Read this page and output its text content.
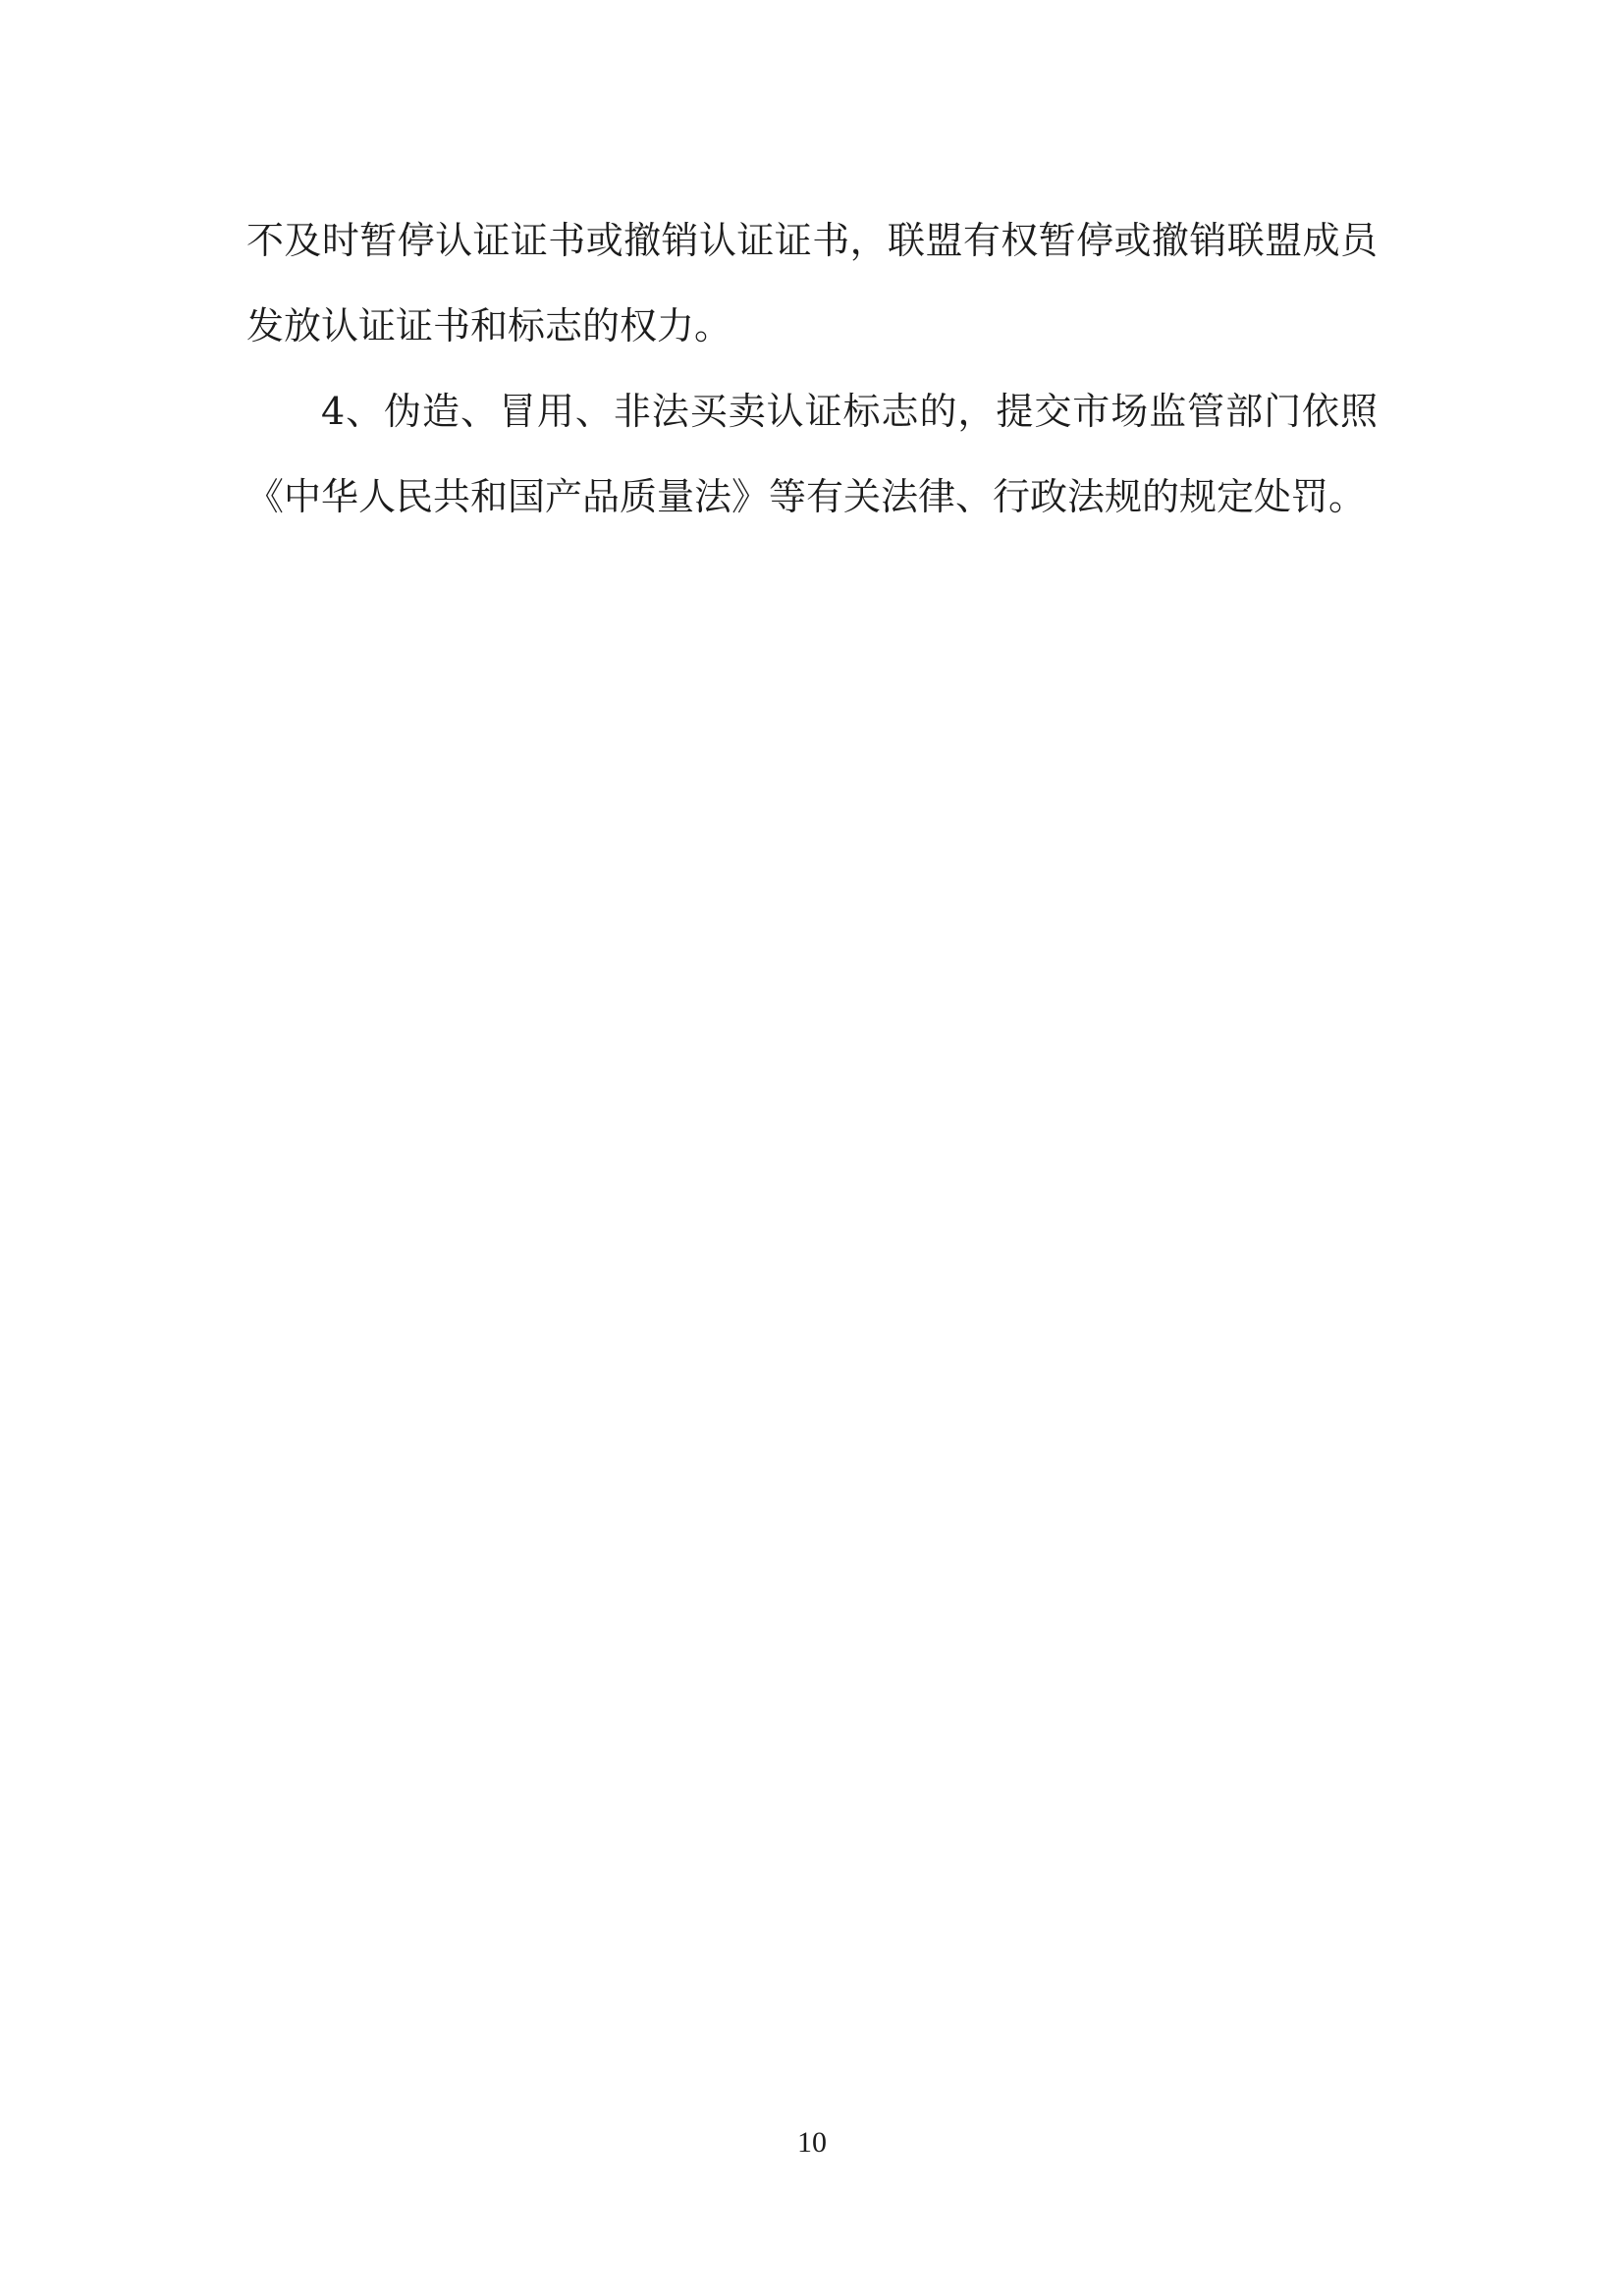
不及时暂停认证证书或撤销认证证书，联盟有权暂停或撤销联盟成员
发放认证证书和标志的权力。
4、伪造、冒用、非法买卖认证标志的，提交市场监管部门依照
《中华人民共和国产品质量法》等有关法律、行政法规的规定处罚。
10
